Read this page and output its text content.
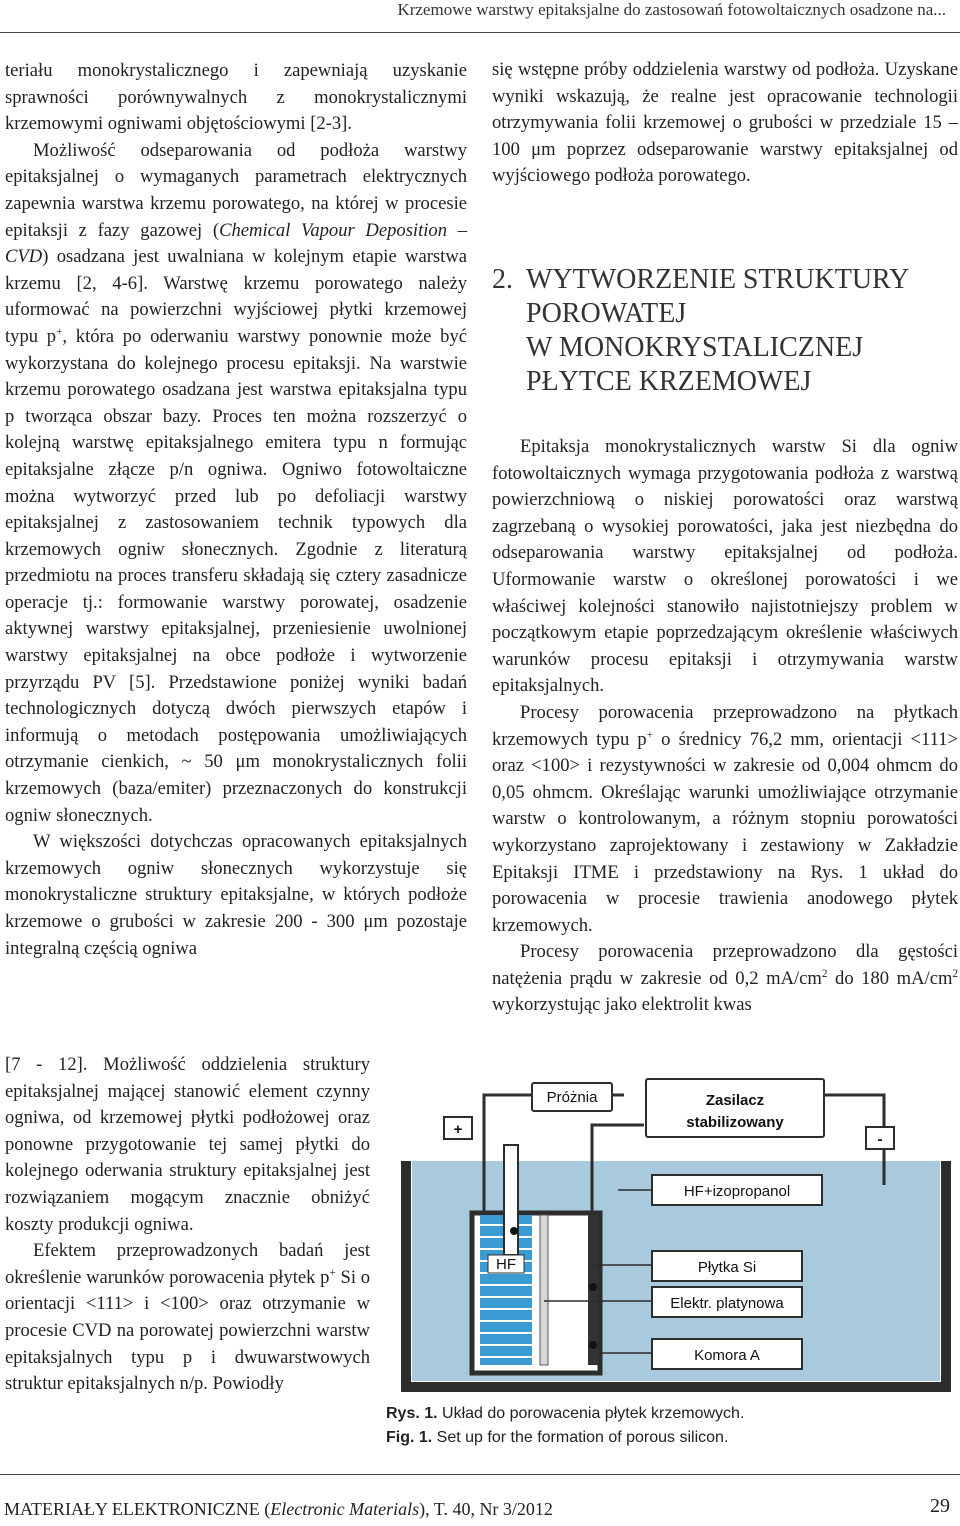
Krzemowe warstwy epitaksjalne do zastosowań fotowoltaicznych osadzone na...

teriału monokrystalicznego i zapewniają uzyskanie sprawności porównywalnych z monokrystalicznymi krzemowymi ogniwami objętościowymi [2-3].

Możliwość odseparowania od podłoża warstwy epitaksjalnej o wymaganych parametrach elektrycznych zapewnia warstwa krzemu porowatego, na której w procesie epitaksji z fazy gazowej (Chemical Vapour Deposition – CVD) osadzana jest uwalniana w kolejnym etapie warstwa krzemu [2, 4-6]. Warstwę krzemu porowatego należy uformować na powierzchni wyjściowej płytki krzemowej typu p+, która po oderwaniu warstwy ponownie może być wykorzystana do kolejnego procesu epitaksji. Na warstwie krzemu porowatego osadzana jest warstwa epitaksjalna typu p tworząca obszar bazy. Proces ten można rozszerzyć o kolejną warstwę epitaksjalnego emitera typu n formując epitaksjalne złącze p/n ogniwa. Ogniwo fotowoltaiczne można wytworzyć przed lub po defoliacji warstwy epitaksjalnej z zastosowaniem technik typowych dla krzemowych ogniw słonecznych. Zgodnie z literaturą przedmiotu na proces transferu składają się cztery zasadnicze operacje tj.: formowanie warstwy porowatej, osadzenie aktywnej warstwy epitaksjalnej, przeniesienie uwolnionej warstwy epitaksjalnej na obce podłoże i wytworzenie przyrządu PV [5]. Przedstawione poniżej wyniki badań technologicznych dotyczą dwóch pierwszych etapów i informują o metodach postępowania umożliwiających otrzymanie cienkich, ~ 50 μm monokrystalicznych folii krzemowych (baza/emiter) przeznaczonych do konstrukcji ogniw słonecznych.

W większości dotychczas opracowanych epitaksjalnych krzemowych ogniw słonecznych wykorzystuje się monokrystaliczne struktury epitaksjalne, w których podłoże krzemowe o grubości w zakresie 200 - 300 μm pozostaje integralną częścią ogniwa

[7 - 12]. Możliwość oddzielenia struktury epitaksjalnej mającej stanowić element czynny ogniwa, od krzemowej płytki podłożowej oraz ponowne przygotowanie tej samej płytki do kolejnego oderwania struktury epitaksjalnej jest rozwiązaniem mogącym znacznie obniżyć koszty produkcji ogniwa.

Efektem przeprowadzonych badań jest określenie warunków porowacenia płytek p+ Si o orientacji <111> i <100> oraz otrzymanie w procesie CVD na porowatej powierzchni warstw epitaksjalnych typu p i dwuwarstwowych struktur epitaksjalnych n/p. Powiodły

się wstępne próby oddzielenia warstwy od podłoża. Uzyskane wyniki wskazują, że realne jest opracowanie technologii otrzymywania folii krzemowej o grubości w przedziale 15 – 100 μm poprzez odseparowanie warstwy epitaksjalnej od wyjściowego podłoża porowatego.

2. WYTWORZENIE STRUKTURY
POROWATEJ
W MONOKRYSTALICZNEJ
PŁYTCE KRZEMOWEJ

Epitaksja monokrystalicznych warstw Si dla ogniw fotowoltaicznych wymaga przygotowania podłoża z warstwą powierzchniową o niskiej porowatości oraz warstwą zagrzebaną o wysokiej porowatości, jaka jest niezbędna do odseparowania warstwy epitaksjalnej od podłoża. Uformowanie warstw o określonej porowatości i we właściwej kolejności stanowiło najistotniejszy problem w początkowym etapie poprzedzającym określenie właściwych warunków procesu epitaksji i otrzymywania warstw epitaksjalnych.

Procesy porowacenia przeprowadzono na płytkach krzemowych typu p+ o średnicy 76,2 mm, orientacji <111> oraz <100> i rezystywności w zakresie od 0,004 ohmcm do 0,05 ohmcm. Określając warunki umożliwiające otrzymanie warstw o kontrolowanym, a różnym stopniu porowatości wykorzystano zaprojektowany i zestawiony w Zakładzie Epitaksji ITME i przedstawiony na Rys. 1 układ do porowacenia w procesie trawienia anodowego płytek krzemowych.

Procesy porowacenia przeprowadzono dla gęstości natężenia prądu w zakresie od 0,2 $mA/cm^2$ do 180 $mA/cm^2$ wykorzystując jako elektrolit kwas

Próżnia	Zasilacz
stabilizowany
+
-
HF+izopropanol
HF	Płytka Si
Elektr. platynowa
Komora A
Rys. 1. Układ do porowacenia płytek krzemowych.
Fig. 1. Set up for the formation of porous silicon.
MATERIAŁY ELEKTRONICZNE (Electronic Materials), T. 40, Nr 3/2012	29
